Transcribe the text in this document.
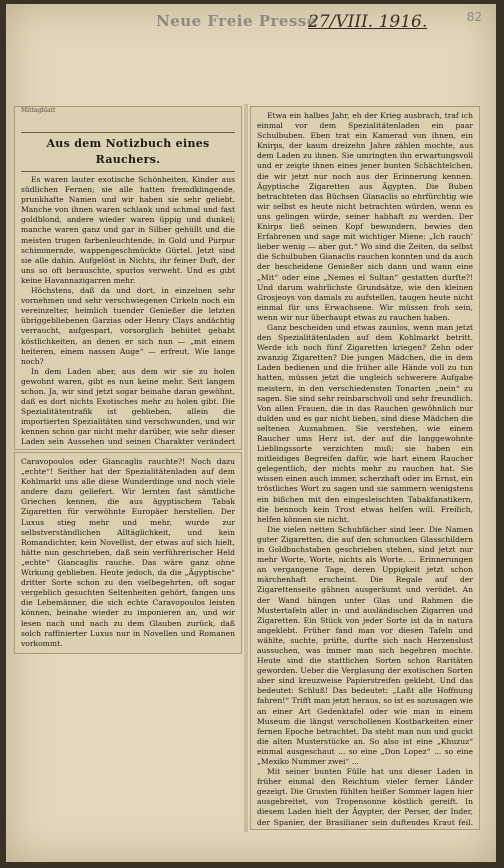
Neue Freie Presse
27/VIII. 1916.	82
Mittagblatt
Aus dem Notizbuch eines Rauchers.

Es waren lauter exotische Schönheiten, Kinder aus südlichen Fernen; sie alle hatten fremdklingende, prunkhafte Namen und wir haben sie sehr geliebt. Manche von ihnen waren schlank und schmal und fast goldblond, andere wieder waren üppig und dunkel; manche waren ganz und gar in Silber gehüllt und die meisten trugen farbenleuchtende, in Gold und Purpur schimmernde, wappengeschmückte Gürtel. Jetzt sind sie alle dahin. Aufgelöst in Nichts, ihr feiner Duft, der uns so oft berauschte, spurlos verweht. Und es gibt keine Havannazigarren mehr.

Höchstens, daß da und dort, in einzelnen sehr vornehmen und sehr verschwiegenen Cirkeln noch ein vereinzelter, heimlich tuender Genießer die letzten übriggebliebenen Garzias oder Henry Clays andächtig verraucht, aufgespart, vorsorglich behütet gehabt köstlichkeiten, an denen er sich nun — „mit einem heiteren, einem nassen Auge“ — erfreut. Wie lange noch?

In dem Laden aber, aus dem wir sie zu holen gewohnt waren, gibt es nun keine mehr. Seit langem schon. Ja, wir sind jetzt sogar beinahe daran gewöhnt, daß es dort nichts Exotisches mehr zu holen gibt. Die Spezialitätentrafik ist geblieben, allein die importierten Spezialitäten sind verschwunden, und wir kennen schon gar nicht mehr darüber, wie sehr dieser Laden sein Aussehen und seinen Charakter verändert

Caravopoulos oder Giancaglis rauchte?! Noch dazu „echte“! Seither hat der Spezialitätenladen auf dem Kohlmarkt uns alle diese Wunderdinge und noch viele andere dazu geliefert. Wir lernten fast sämtliche Griechen kennen, die aus ägyptischem Tabak Zigaretten für verwöhnte Europäer herstellen. Der Luxus stieg mehr und mehr, wurde zur selbstverständlichen Alltäglichkeit, und kein Romandichter, kein Novellist, der etwas auf sich hielt, hätte nun geschrieben, daß sein verführerischer Held „echte“ Giancaglis rauche. Das wäre ganz ohne Wirkung geblieben. Heute jedoch, da die „Ägyptische“ dritter Sorte schon zu den vielbegehrten, oft sogar vergeblich gesuchten Seltenheiten gehört, fangen uns die Lebemänner, die sich echte Caravopoulos leisten können, beinahe wieder zu imponieren an, und wir lesen nach und nach zu dem Glauben zurück, daß solch raffinierter Luxus nur in Novellen und Romanen vorkommt.

Etwa ein halbes Jahr, eh der Krieg ausbrach, traf ich einmal vor dem Spezialitätenladen ein paar Schulbuben. Eben trat ein Kamerad von ihnen, ein Knirps, der kaum dreizehn Jahre zählen mochte, aus dem Laden zu ihnen. Sie umringten ihn erwartungsvoll und er zeigte ihnen eines jener bunten Schächtelchen, die wir jetzt nur noch aus der Erinnerung kennen. Ägyptische Zigaretten aus Ägypten. Die Buben betrachteten das Büchsen Gianaclis so ehrfürchtig wie wir selbst es heute nicht betrachten würden, wenn es uns gelingen würde, seiner habhaft zu werden. Der Knirps ließ seinen Kopf bewundern, bewies den Erfahrenen und sage mit wichtiger Miene: „Ich rauch’ lieber wenig — aber gut.“ Wo sind die Zeiten, da selbst die Schulbuben Gianaclis rauchen konnten und da auch der bescheidene Genießer sich dann und wann eine „Mit“ oder eine „Nemes el Sultan“ gestatten durfte?! Und darum wahrlichste Grundsätze, wie den kleinen Grosjeoys von damals zu aufstellen, taugen heute nicht einmal für uns Erwachsene. Wir müssen froh sein, wenn wir nur überhaupt etwas zu rauchen haben.

Ganz bescheiden und etwas zaunlos, wenn man jetzt den Spezialitätenladen auf dem Kohlmarkt betritt. Werde ich noch fünf Zigaretten kriegen? Zehn oder zwanzig Zigaretten? Die jungen Mädchen, die in dem Laden bedienen und die früher alle Hände voll zu tun hatten, müssen jetzt die ungleich schwerere Aufgabe meistern, in den verschiedensten Tonarten „nein“ zu sagen. Sie sind sehr reinbarschvoll und sehr freundlich. Von allen Frauen, die in das Rauchen gewöhnlich nur dulden und es gar nicht lieben, sind diese Mädchen die seltenen Ausnahmen. Sie verstehen, wie einem Raucher ums Herz ist, der auf die langgewohnte Lieblingssorte verzichten muß; sie haben ein mitleidiges Begreifen dafür, wie hart einem Raucher gelegentlich, der nichts mehr zu rauchen hat. Sie wissen einen auch immer, scherzhaft oder im Ernst, ein tröstliches Wort zu sagen und sie sammern wenigstens ein bißchen mit den eingesleischten Tabakfanatikern, die bennoch kein Trost etwas helfen will. Freilich, helfen können sie nicht.

Die vielen netten Schubfächer sind leer. Die Namen guter Zigaretten, die auf den schmucken Glasschildern in Goldbuchstaben geschrieben stehen, sind jetzt nur mehr Worte, Worte, nichts als Worte. ... Erinnerungen an vergangene Tage, deren Uppigkeit jetzt schon märchenhaft erscheint. Die Regale auf der Zigarettenseite gähnen ausgeräumt und verödet. An der Wand hängen unter Glas und Rahmen die Mustertafeln aller in- und ausländischen Zigarren und Zigaretten. Ein Stück von jeder Sorte ist da in natura angeklebt. Früher fand man vor diesen Tafeln und wählte, suchte, prüfte, durfte sich nach Herzenslust aussuchen, was immer man sich begehren mochte. Heute sind die stattlichen Sorten schon Raritäten geworden. Ueber die Verglasung der exotischen Sorten aber sind kreuzweise Papierstreifen geklebt. Und das bedeutet: Schluß! Das bedeutet: „Laßt alle Hoffnung fahren!“ Trifft man jetzt heraus, so ist es sozusagen wie an einer Art Gedenktafel oder wie man in einem Museum die längst verschollenen Kostbarkeiten einer fernen Epoche betrachtet. Da steht man nun und guckt die alten Musterstücke an. So also ist eine „Khuzuz“ einmal ausgeschaut ... so eine „Don Lopez“ ... so eine „Mexiko Nummer zwei“ ...

Mit seiner bunten Fülle hat uns dieser Laden in früher einmal den Reichtum vieler ferner Länder gezeigt. Die Grusten fühlten heißer Sommer lagen hier ausgebreitet, von Tropensonne köstlich gereift. In diesem Laden hielt der Ägypter, der Perser, der Inder, der Spanier, der Brasilianer sein duftendes Kraut feil.
